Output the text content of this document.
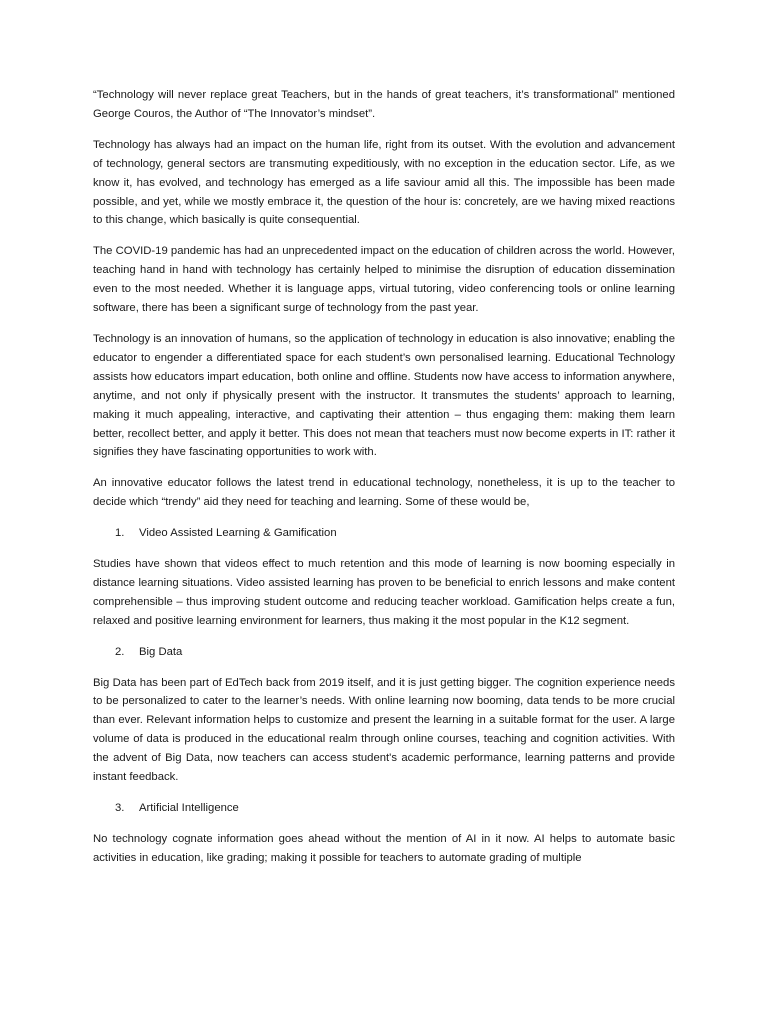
“Technology will never replace great Teachers, but in the hands of great teachers, it’s transformational” mentioned George Couros, the Author of “The Innovator’s mindset”.

Technology has always had an impact on the human life, right from its outset. With the evolution and advancement of technology, general sectors are transmuting expeditiously, with no exception in the education sector. Life, as we know it, has evolved, and technology has emerged as a life saviour amid all this. The impossible has been made possible, and yet, while we mostly embrace it, the question of the hour is: concretely, are we having mixed reactions to this change, which basically is quite consequential.

The COVID-19 pandemic has had an unprecedented impact on the education of children across the world. However, teaching hand in hand with technology has certainly helped to minimise the disruption of education dissemination even to the most needed. Whether it is language apps, virtual tutoring, video conferencing tools or online learning software, there has been a significant surge of technology from the past year.

Technology is an innovation of humans, so the application of technology in education is also innovative; enabling the educator to engender a differentiated space for each student’s own personalised learning. Educational Technology assists how educators impart education, both online and offline. Students now have access to information anywhere, anytime, and not only if physically present with the instructor. It transmutes the students’ approach to learning, making it much appealing, interactive, and captivating their attention – thus engaging them: making them learn better, recollect better, and apply it better. This does not mean that teachers must now become experts in IT: rather it signifies they have fascinating opportunities to work with.

An innovative educator follows the latest trend in educational technology, nonetheless, it is up to the teacher to decide which “trendy” aid they need for teaching and learning. Some of these would be,

1.	Video Assisted Learning & Gamification

Studies have shown that videos effect to much retention and this mode of learning is now booming especially in distance learning situations. Video assisted learning has proven to be beneficial to enrich lessons and make content comprehensible – thus improving student outcome and reducing teacher workload. Gamification helps create a fun, relaxed and positive learning environment for learners, thus making it the most popular in the K12 segment.

2.	Big Data

Big Data has been part of EdTech back from 2019 itself, and it is just getting bigger. The cognition experience needs to be personalized to cater to the learner’s needs. With online learning now booming, data tends to be more crucial than ever. Relevant information helps to customize and present the learning in a suitable format for the user. A large volume of data is produced in the educational realm through online courses, teaching and cognition activities. With the advent of Big Data, now teachers can access student's academic performance, learning patterns and provide instant feedback.

3.	Artificial Intelligence

No technology cognate information goes ahead without the mention of AI in it now. AI helps to automate basic activities in education, like grading; making it possible for teachers to automate grading of multiple
